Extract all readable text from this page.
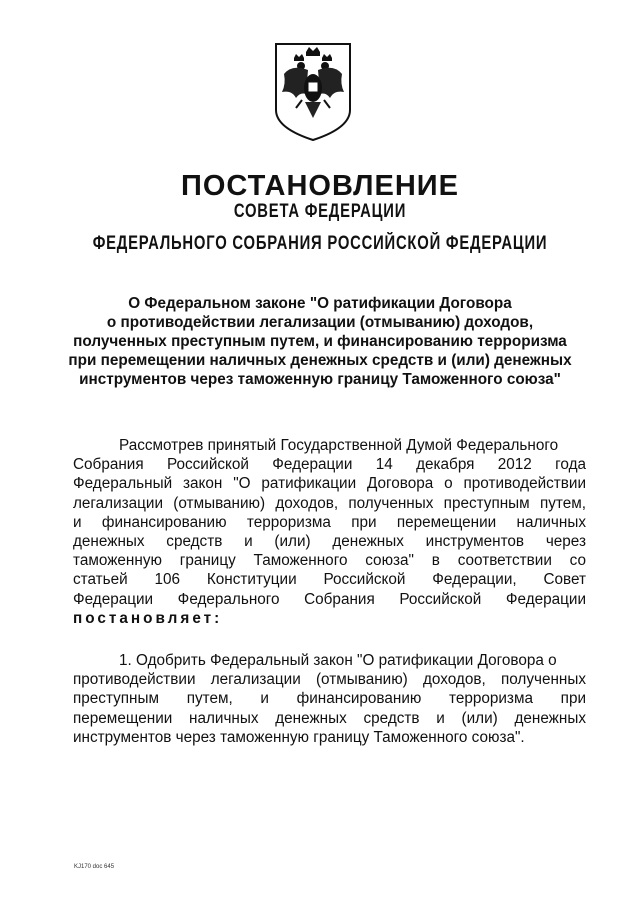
ПОСТАНОВЛЕНИЕ
СОВЕТА ФЕДЕРАЦИИ
ФЕДЕРАЛЬНОГО СОБРАНИЯ РОССИЙСКОЙ ФЕДЕРАЦИИ
О Федеральном законе "О ратификации Договора
о противодействии легализации (отмыванию) доходов,
полученных преступным путем, и финансированию терроризма
при перемещении наличных денежных средств и (или) денежных
инструментов через таможенную границу Таможенного союза"
Рассмотрев принятый Государственной Думой Федерального
Собрания Российской Федерации 14 декабря 2012 года
Федеральный закон "О ратификации Договора о противодействии
легализации (отмыванию) доходов, полученных преступным путем,
и финансированию терроризма при перемещении наличных
денежных средств и (или) денежных инструментов через
таможенную границу Таможенного союза" в соответствии со
статьей 106 Конституции Российской Федерации, Совет
Федерации Федерального Собрания Российской Федерации
постановляет:
1. Одобрить Федеральный закон "О ратификации Договора о
противодействии легализации (отмыванию) доходов, полученных
преступным путем, и финансированию терроризма при
перемещении наличных денежных средств и (или) денежных
инструментов через таможенную границу Таможенного союза".
KJ170 doc 645
